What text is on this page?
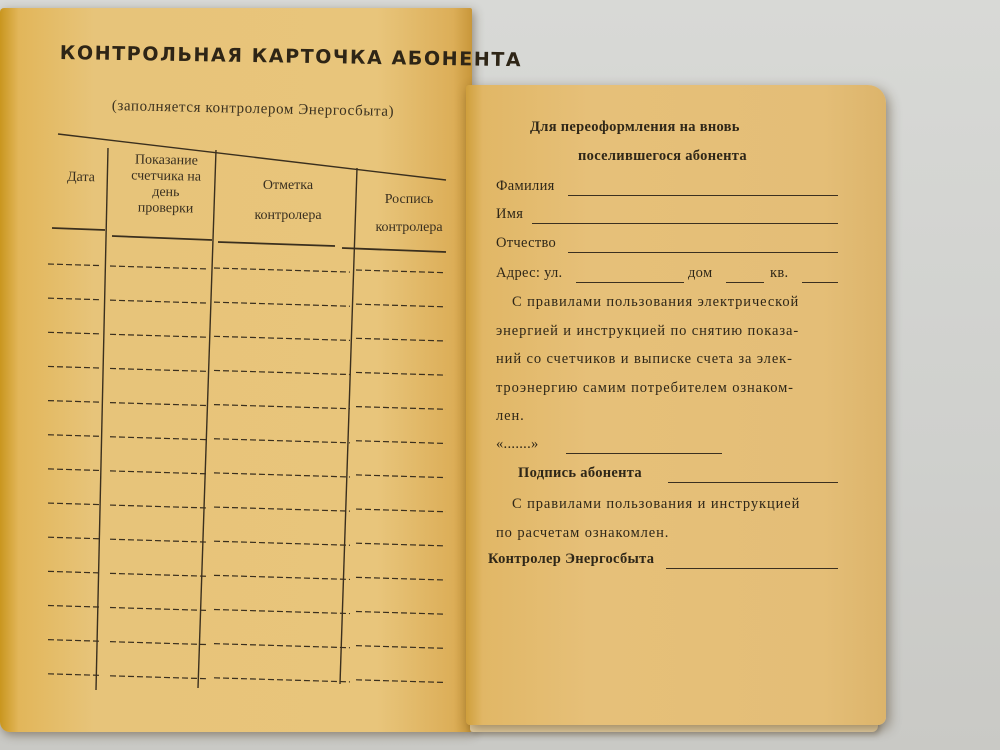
КОНТРОЛЬНАЯ КАРТОЧКА АБОНЕНТА
(заполняется контролером Энергосбыта)
Дата
Показание
счетчика на
день
проверки
Отметка
контролера
Роспись
контролера
Для переоформления на вновь
поселившегося абонента
Фамилия
Имя
Отчество
Адрес: ул.	дом	кв.
С правилами пользования электрической
энергией и инструкцией по снятию показа-
ний со счетчиков и выписке счета за элек-
троэнергию самим потребителем ознаком-
лен.
«.......»
Подпись абонента
С правилами пользования и инструкцией
по расчетам ознакомлен.
Контролер Энергосбыта
